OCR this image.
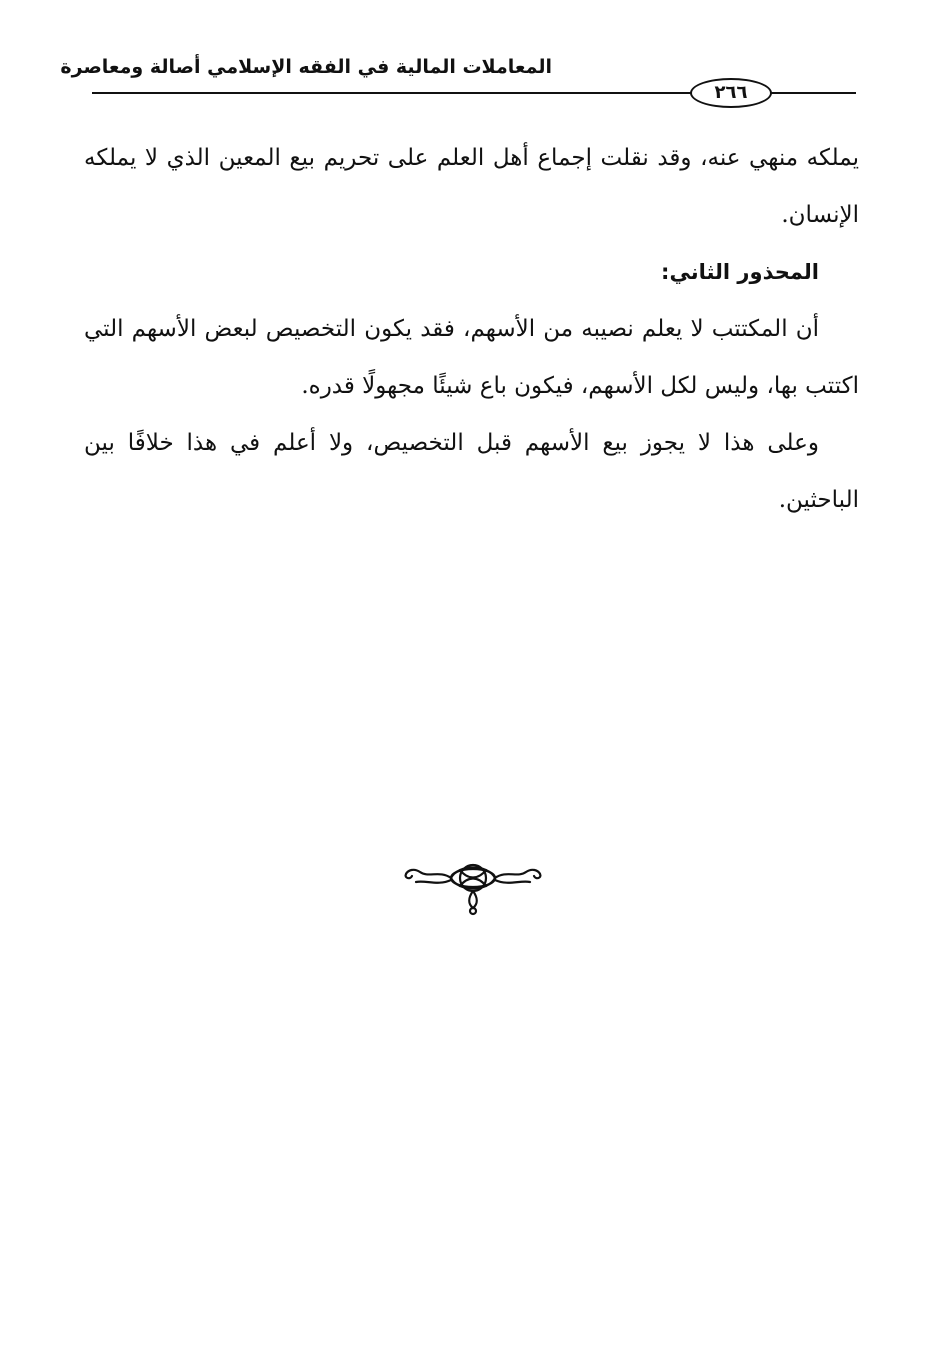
المعاملات المالية في الفقه الإسلامي أصالة ومعاصرة
٢٦٦

يملكه منهي عنه، وقد نقلت إجماع أهل العلم على تحريم بيع المعين الذي لا يملكه الإنسان.

المحذور الثاني:

أن المكتتب لا يعلم نصيبه من الأسهم، فقد يكون التخصيص لبعض الأسهم التي اكتتب بها، وليس لكل الأسهم، فيكون باع شيئًا مجهولًا قدره.

وعلى هذا لا يجوز بيع الأسهم قبل التخصيص، ولا أعلم في هذا خلافًا بين الباحثين.
